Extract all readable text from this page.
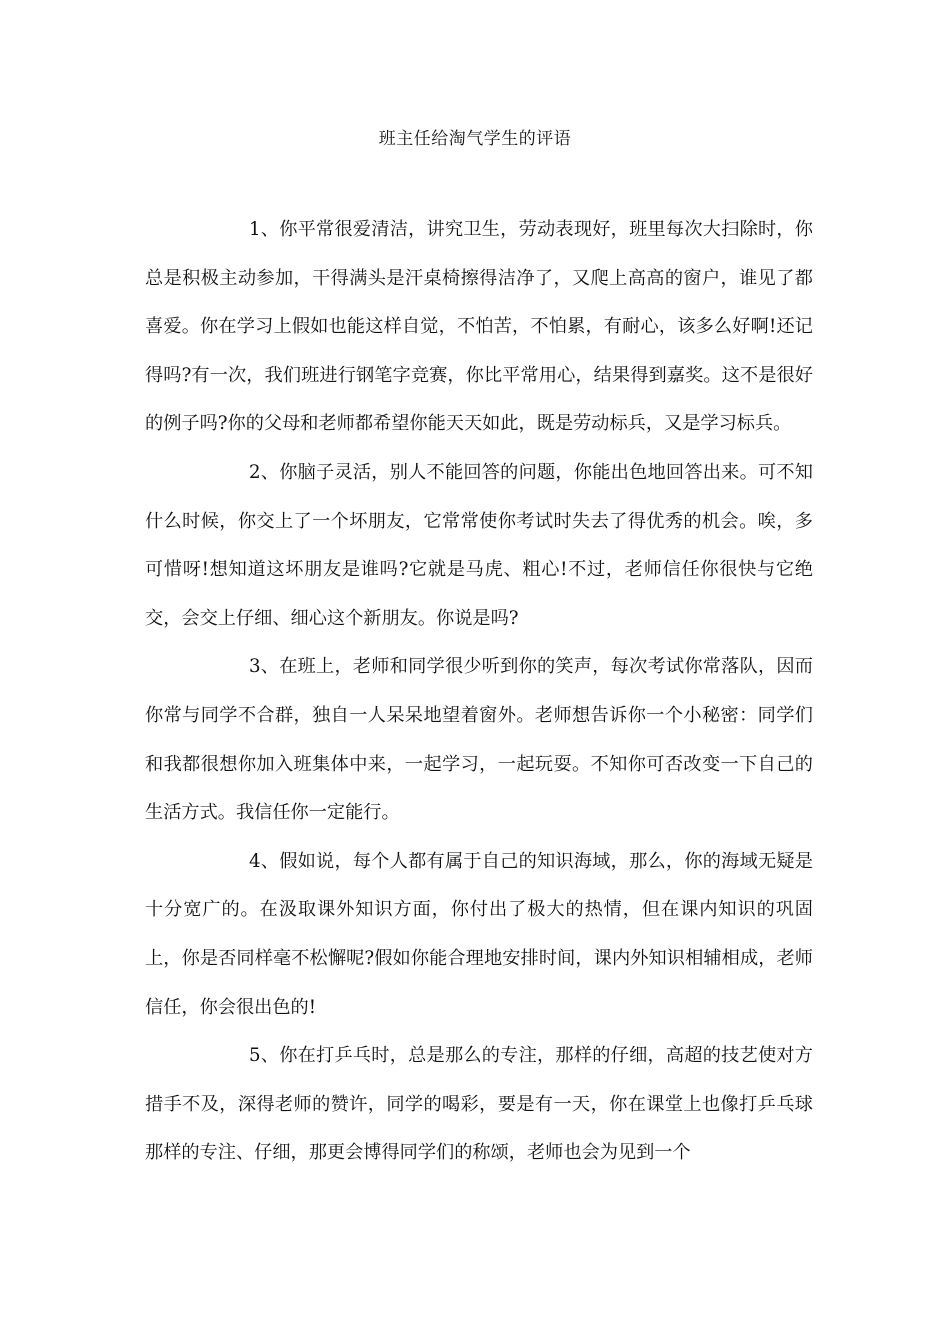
班主任给淘气学生的评语

1、你平常很爱清洁，讲究卫生，劳动表现好，班里每次大扫除时，你总是积极主动参加，干得满头是汗桌椅擦得洁净了，又爬上高高的窗户，谁见了都喜爱。你在学习上假如也能这样自觉，不怕苦，不怕累，有耐心，该多么好啊!还记得吗?有一次，我们班进行钢笔字竞赛，你比平常用心，结果得到嘉奖。这不是很好的例子吗?你的父母和老师都希望你能天天如此，既是劳动标兵，又是学习标兵。

2、你脑子灵活，别人不能回答的问题，你能出色地回答出来。可不知什么时候，你交上了一个坏朋友，它常常使你考试时失去了得优秀的机会。唉，多可惜呀!想知道这坏朋友是谁吗?它就是马虎、粗心!不过，老师信任你很快与它绝交，会交上仔细、细心这个新朋友。你说是吗?

3、在班上，老师和同学很少听到你的笑声，每次考试你常落队，因而你常与同学不合群，独自一人呆呆地望着窗外。老师想告诉你一个小秘密：同学们和我都很想你加入班集体中来，一起学习，一起玩耍。不知你可否改变一下自己的生活方式。我信任你一定能行。

4、假如说，每个人都有属于自己的知识海域，那么，你的海域无疑是十分宽广的。在汲取课外知识方面，你付出了极大的热情，但在课内知识的巩固上，你是否同样毫不松懈呢?假如你能合理地安排时间，课内外知识相辅相成，老师信任，你会很出色的!

5、你在打乒乓时，总是那么的专注，那样的仔细，高超的技艺使对方措手不及，深得老师的赞许，同学的喝彩，要是有一天，你在课堂上也像打乒乓球那样的专注、仔细，那更会博得同学们的称颂，老师也会为见到一个
